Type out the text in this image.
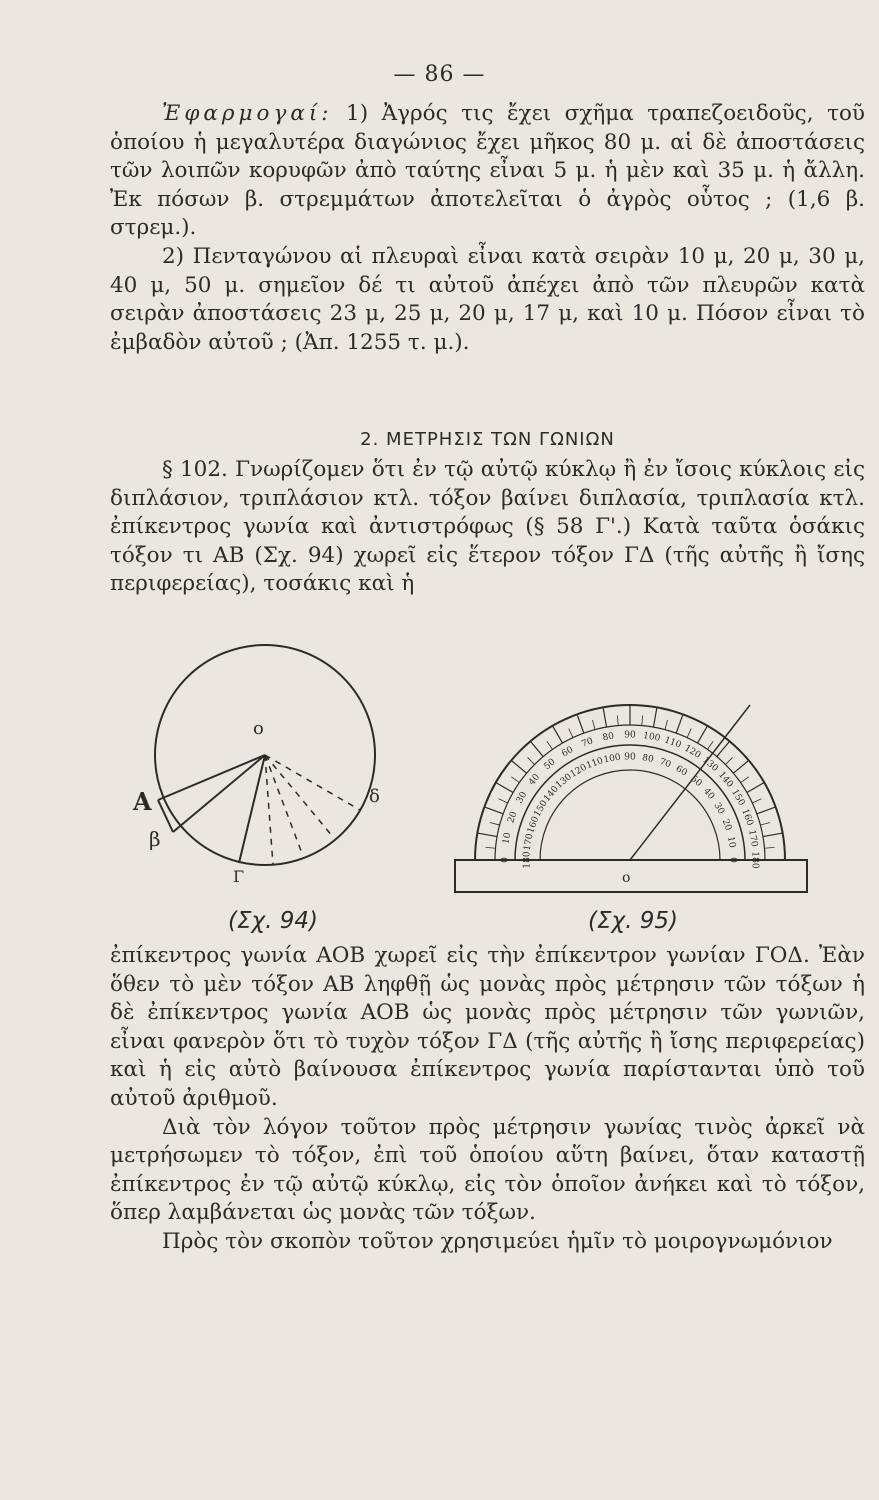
— 86 —

Ἐφαρμογαί: 1) Ἀγρός τις ἔχει σχῆμα τραπεζοειδοῦς, τοῦ ὁποίου ἡ μεγαλυτέρα διαγώνιος ἔχει μῆκος 80 μ. αἱ δὲ ἀποστάσεις τῶν λοιπῶν κορυφῶν ἀπὸ ταύτης εἶναι 5 μ. ἡ μὲν καὶ 35 μ. ἡ ἄλλη. Ἐκ πόσων β. στρεμμάτων ἀποτελεῖται ὁ ἀγρὸς οὗτος ; (1,6 β. στρεμ.).

2) Πενταγώνου αἱ πλευραὶ εἶναι κατὰ σειρὰν 10 μ, 20 μ, 30 μ, 40 μ, 50 μ. σημεῖον δέ τι αὐτοῦ ἀπέχει ἀπὸ τῶν πλευρῶν κατὰ σειρὰν ἀποστάσεις 23 μ, 25 μ, 20 μ, 17 μ, καὶ 10 μ. Πόσον εἶναι τὸ ἐμβαδὸν αὐτοῦ ; (Ἀπ. 1255 τ. μ.).

2. ΜΕΤΡΗΣΙΣ ΤΩΝ ΓΩΝΙΩΝ

§ 102. Γνωρίζομεν ὅτι ἐν τῷ αὐτῷ κύκλῳ ἢ ἐν ἴσοις κύκλοις εἰς διπλάσιον, τριπλάσιον κτλ. τόξον βαίνει διπλασία, τριπλασία κτλ. ἐπίκεντρος γωνία καὶ ἀντιστρόφως (§ 58 Γ'.) Κατὰ ταῦτα ὁσάκις τόξον τι ΑΒ (Σχ. 94) χωρεῖ εἰς ἕτερον τόξον ΓΔ (τῆς αὐτῆς ἢ ἴσης περιφερείας), τοσάκις καὶ ἡ

ο
Α
β
Γ
δ
0
10
20
30
40
50
60
70 80 90 100 110
120
130
140
150
160
170
180
180
170
160
150
140
130
120
110
100 90 80 70
60
50
40
30
20
10
0
ο
(Σχ. 94)	(Σχ. 95)

ἐπίκεντρος γωνία ΑΟΒ χωρεῖ εἰς τὴν ἐπίκεντρον γωνίαν ΓΟΔ. Ἐὰν ὅθεν τὸ μὲν τόξον ΑΒ ληφθῇ ὡς μονὰς πρὸς μέτρησιν τῶν τόξων ἡ δὲ ἐπίκεντρος γωνία ΑΟΒ ὡς μονὰς πρὸς μέτρησιν τῶν γωνιῶν, εἶναι φανερὸν ὅτι τὸ τυχὸν τόξον ΓΔ (τῆς αὐτῆς ἢ ἴσης περιφερείας) καὶ ἡ εἰς αὐτὸ βαίνουσα ἐπίκεντρος γωνία παρίστανται ὑπὸ τοῦ αὐτοῦ ἀριθμοῦ.

Διὰ τὸν λόγον τοῦτον πρὸς μέτρησιν γωνίας τινὸς ἀρκεῖ νὰ μετρήσωμεν τὸ τόξον, ἐπὶ τοῦ ὁποίου αὕτη βαίνει, ὅταν καταστῇ ἐπίκεντρος ἐν τῷ αὐτῷ κύκλῳ, εἰς τὸν ὁποῖον ἀνήκει καὶ τὸ τόξον, ὅπερ λαμβάνεται ὡς μονὰς τῶν τόξων.

Πρὸς τὸν σκοπὸν τοῦτον χρησιμεύει ἡμῖν τὸ μοιρογνωμόνιον
